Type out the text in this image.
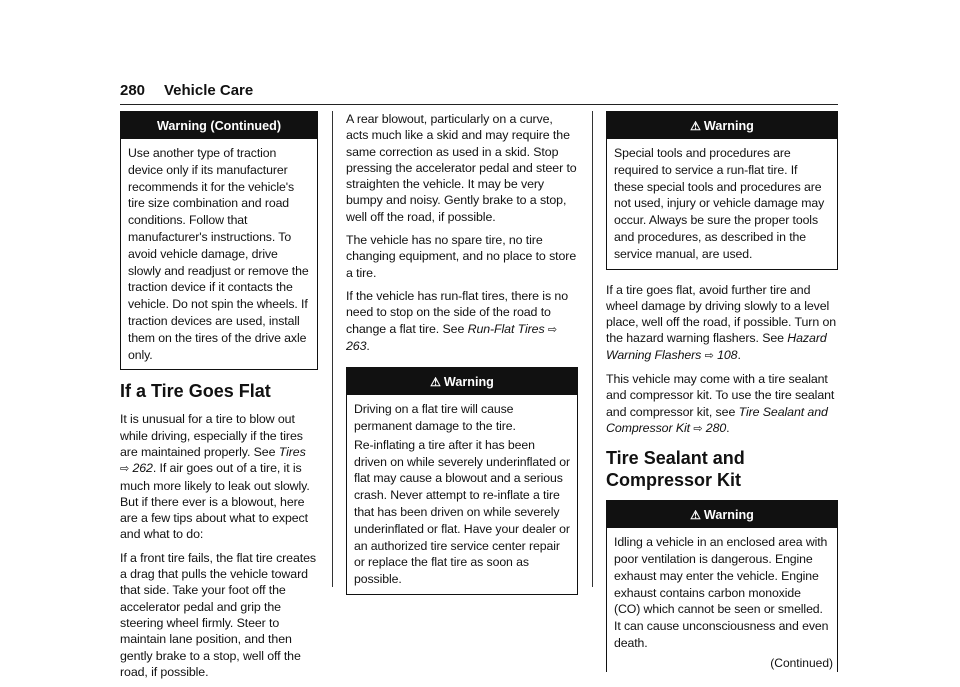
280 Vehicle Care
Warning (Continued)

Use another type of traction device only if its manufacturer recommends it for the vehicle's tire size combination and road conditions. Follow that manufacturer's instructions. To avoid vehicle damage, drive slowly and readjust or remove the traction device if it contacts the vehicle. Do not spin the wheels. If traction devices are used, install them on the tires of the drive axle only.

If a Tire Goes Flat

It is unusual for a tire to blow out while driving, especially if the tires are maintained properly. See Tires ⇨ 262. If air goes out of a tire, it is much more likely to leak out slowly. But if there ever is a blowout, here are a few tips about what to expect and what to do:

If a front tire fails, the flat tire creates a drag that pulls the vehicle toward that side. Take your foot off the accelerator pedal and grip the steering wheel firmly. Steer to maintain lane position, and then gently brake to a stop, well off the road, if possible.

A rear blowout, particularly on a curve, acts much like a skid and may require the same correction as used in a skid. Stop pressing the accelerator pedal and steer to straighten the vehicle. It may be very bumpy and noisy. Gently brake to a stop, well off the road, if possible.

The vehicle has no spare tire, no tire changing equipment, and no place to store a tire.

If the vehicle has run-flat tires, there is no need to stop on the side of the road to change a flat tire. See Run-Flat Tires ⇨ 263.

⚠ Warning

Driving on a flat tire will cause permanent damage to the tire.

Re-inflating a tire after it has been driven on while severely underinflated or flat may cause a blowout and a serious crash. Never attempt to re-inflate a tire that has been driven on while severely underinflated or flat. Have your dealer or an authorized tire service center repair or replace the flat tire as soon as possible.

⚠ Warning

Special tools and procedures are required to service a run-flat tire. If these special tools and procedures are not used, injury or vehicle damage may occur. Always be sure the proper tools and procedures, as described in the service manual, are used.

If a tire goes flat, avoid further tire and wheel damage by driving slowly to a level place, well off the road, if possible. Turn on the hazard warning flashers. See Hazard Warning Flashers ⇨ 108.

This vehicle may come with a tire sealant and compressor kit. To use the tire sealant and compressor kit, see Tire Sealant and Compressor Kit ⇨ 280.

Tire Sealant and Compressor Kit
⚠ Warning

Idling a vehicle in an enclosed area with poor ventilation is dangerous. Engine exhaust may enter the vehicle. Engine exhaust contains carbon monoxide (CO) which cannot be seen or smelled. It can cause unconsciousness and even death.

(Continued)
